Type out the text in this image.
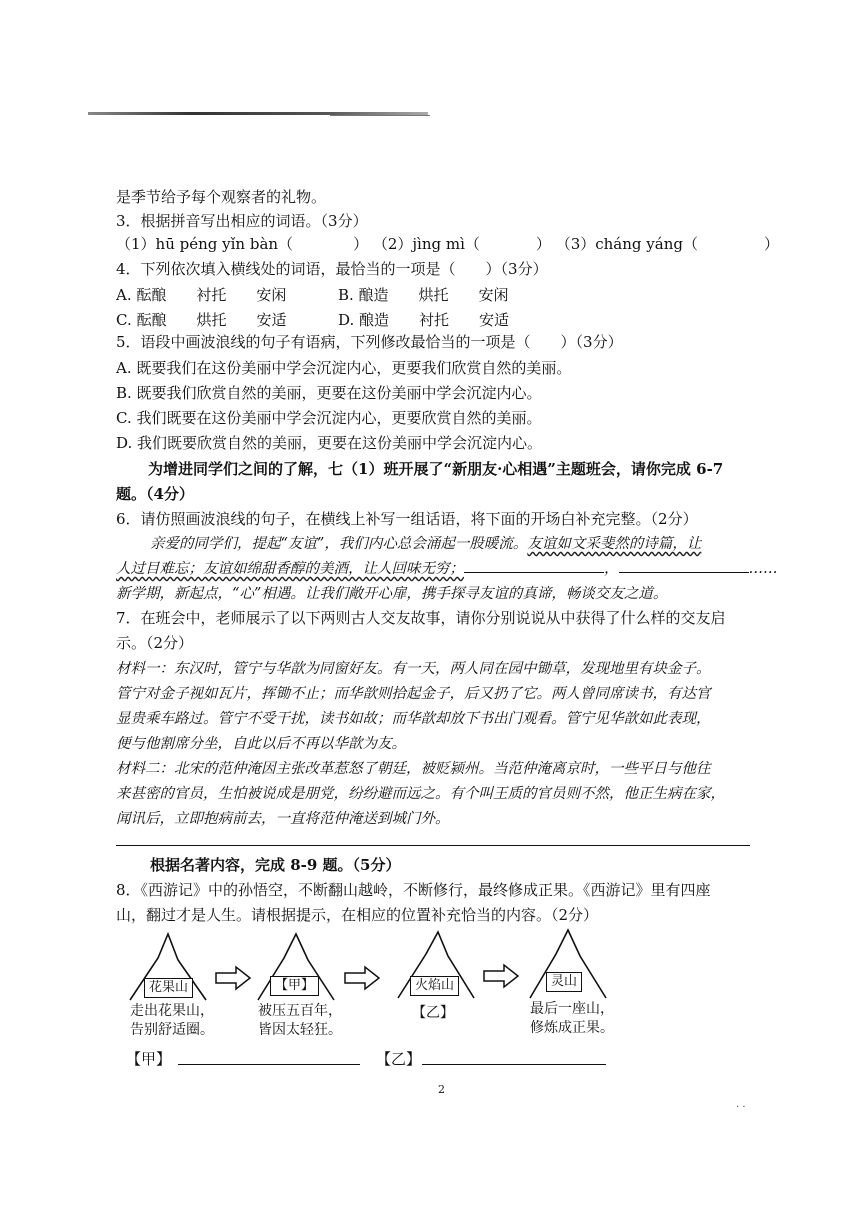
是季节给予每个观察者的礼物。
3．根据拼音写出相应的词语。（3分）
（1）hū péng yǐn bàn（	） （2）jìng mì（	） （3）cháng yáng（	）
4．下列依次填入横线处的词语，最恰当的一项是（　　）（3分）
A. 酝酿　　衬托　　安闲	B. 酿造　　烘托　　安闲
C. 酝酿　　烘托　　安适	D. 酿造　　衬托　　安适
5．语段中画波浪线的句子有语病，下列修改最恰当的一项是（　　）（3分）
A. 既要我们在这份美丽中学会沉淀内心，更要我们欣赏自然的美丽。
B. 既要我们欣赏自然的美丽，更要在这份美丽中学会沉淀内心。
C. 我们既要在这份美丽中学会沉淀内心，更要欣赏自然的美丽。
D. 我们既要欣赏自然的美丽，更要在这份美丽中学会沉淀内心。
为增进同学们之间的了解，七（1）班开展了“新朋友·心相遇”主题班会，请你完成 6-7
题。（4分）
6．请仿照画波浪线的句子，在横线上补写一组话语，将下面的开场白补充完整。（2分）
亲爱的同学们，提起“友谊”，我们内心总会涌起一股暖流。友谊如文采斐然的诗篇，让
人过目难忘；友谊如绵甜香醇的美酒，让人回味无穷；	，	……
新学期，新起点，“心”相遇。让我们敞开心扉，携手探寻友谊的真谛，畅谈交友之道。
7．在班会中，老师展示了以下两则古人交友故事，请你分别说说从中获得了什么样的交友启
示。（2分）
材料一：东汉时，管宁与华歆为同窗好友。有一天，两人同在园中锄草，发现地里有块金子。
管宁对金子视如瓦片，挥锄不止；而华歆则拾起金子，后又扔了它。两人曾同席读书，有达官
显贵乘车路过。管宁不受干扰，读书如故；而华歆却放下书出门观看。管宁见华歆如此表现，
便与他割席分坐，自此以后不再以华歆为友。
材料二：北宋的范仲淹因主张改革惹怒了朝廷，被贬颍州。当范仲淹离京时，一些平日与他往
来甚密的官员，生怕被说成是朋党，纷纷避而远之。有个叫王质的官员则不然，他正生病在家，
闻讯后，立即抱病前去，一直将范仲淹送到城门外。
根据名著内容，完成 8-9 题。（5分）
8．《西游记》中的孙悟空，不断翻山越岭，不断修行，最终修成正果。《西游记》里有四座
山，翻过才是人生。请根据提示，在相应的位置补充恰当的内容。（2分）
花果山	【甲】	火焰山	灵山
走出花果山，
告别舒适圈。
被压五百年，
皆因太轻狂。
【乙】	最后一座山，
修炼成正果。
【甲】	【乙】
2
· ·
